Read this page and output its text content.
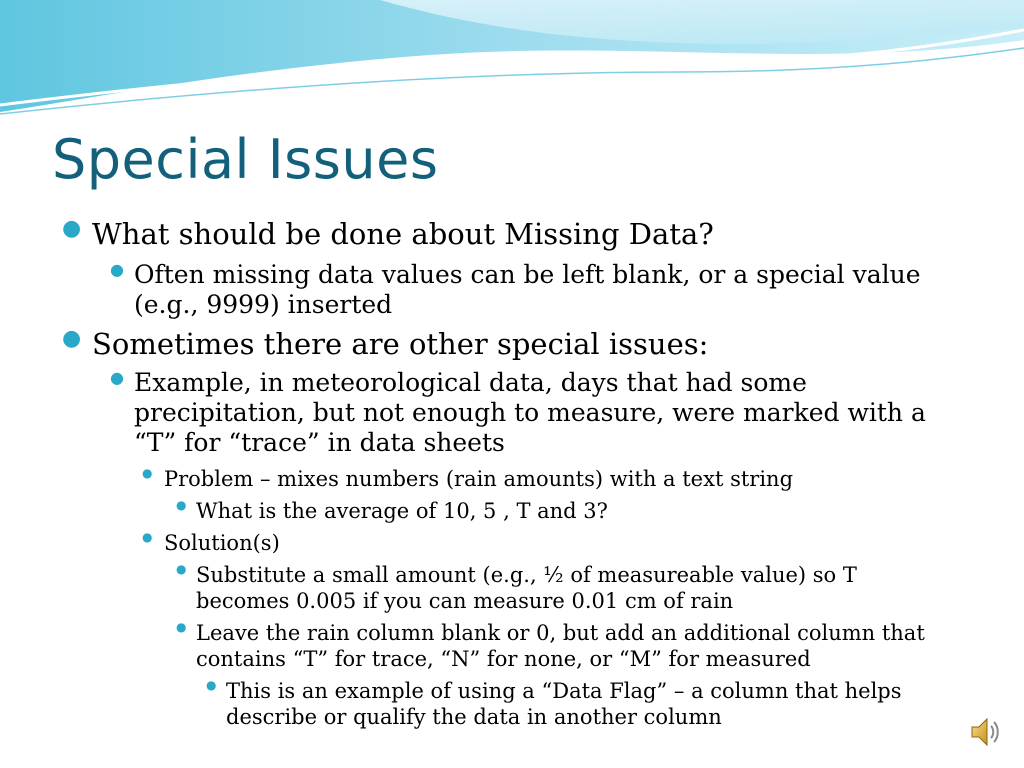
Special Issues
● What should be done about Missing Data?
● Often missing data values can be left blank, or a special value (e.g., 9999) inserted
● Sometimes there are other special issues:
● Example, in meteorological data, days that had some precipitation, but not enough to measure, were marked with a “T” for “trace” in data sheets
● Problem – mixes numbers (rain amounts) with a text string
● What is the average of 10, 5 , T and 3?
● Solution(s)
● Substitute a small amount (e.g., ½ of measureable value) so T becomes 0.005 if you can measure 0.01 cm of rain
● Leave the rain column blank or 0, but add an additional column that contains “T” for trace, “N” for none, or “M” for measured
● This is an example of using a “Data Flag” – a column that helps describe or qualify the data in another column
